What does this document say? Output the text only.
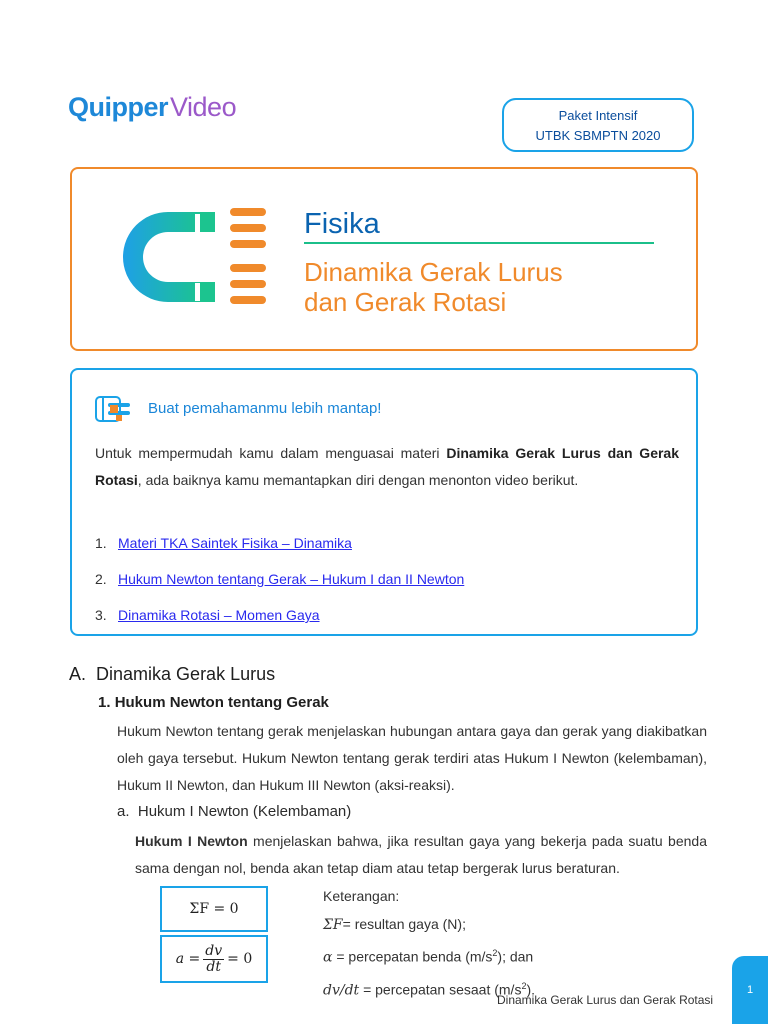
QuipperVideo	Paket Intensif
UTBK SBMPTN 2020
Fisika
Dinamika Gerak Lurus
dan Gerak Rotasi
Buat pemahamanmu lebih mantap!
Untuk mempermudah kamu dalam menguasai materi Dinamika Gerak Lurus dan Gerak Rotasi, ada baiknya kamu memantapkan diri dengan menonton video berikut.
1. Materi TKA Saintek Fisika – Dinamika
2. Hukum Newton tentang Gerak – Hukum I dan II Newton
3. Dinamika Rotasi – Momen Gaya
A. Dinamika Gerak Lurus
1. Hukum Newton tentang Gerak
Hukum Newton tentang gerak menjelaskan hubungan antara gaya dan gerak yang diakibatkan oleh gaya tersebut. Hukum Newton tentang gerak terdiri atas Hukum I Newton (kelembaman), Hukum II Newton, dan Hukum III Newton (aksi-reaksi).
a. Hukum I Newton (Kelembaman)
Hukum I Newton menjelaskan bahwa, jika resultan gaya yang bekerja pada suatu benda sama dengan nol, benda akan tetap diam atau tetap bergerak lurus beraturan.
ΣF = 0
$a = \frac{dv}{dt} = 0$
Keterangan:
ΣF= resultan gaya (N);
α = percepatan benda $(m/s^2)$; dan
dv/dt = percepatan sesaat $(m/s^2)$.	1
Dinamika Gerak Lurus dan Gerak Rotasi
